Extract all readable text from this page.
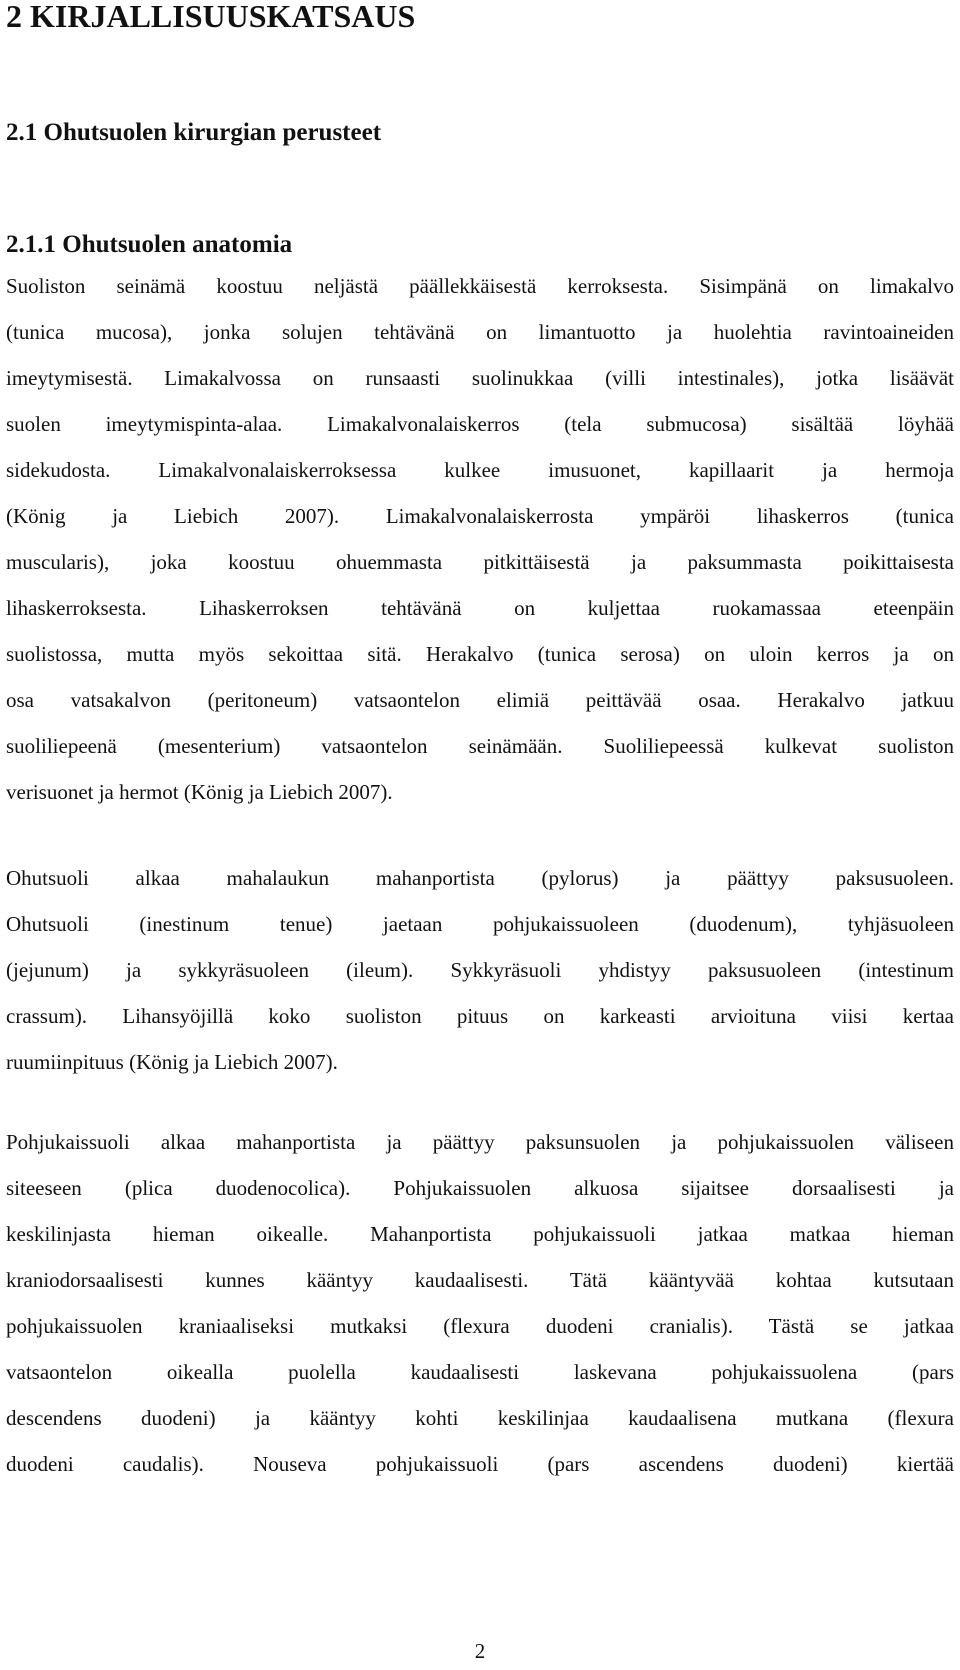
2 KIRJALLISUUSKATSAUS
2.1 Ohutsuolen kirurgian perusteet
2.1.1 Ohutsuolen anatomia

Suoliston seinämä koostuu neljästä päällekkäisestä kerroksesta. Sisimpänä on limakalvo
(tunica mucosa), jonka solujen tehtävänä on limantuotto ja huolehtia ravintoaineiden
imeytymisestä. Limakalvossa on runsaasti suolinukkaa (villi intestinales), jotka lisäävät
suolen imeytymispinta-alaa. Limakalvonalaiskerros (tela submucosa) sisältää löyhää
sidekudosta. Limakalvonalaiskerroksessa kulkee imusuonet, kapillaarit ja hermoja
(König ja Liebich 2007). Limakalvonalaiskerrosta ympäröi lihaskerros (tunica
muscularis), joka koostuu ohuemmasta pitkittäisestä ja paksummasta poikittaisesta
lihaskerroksesta. Lihaskerroksen tehtävänä on kuljettaa ruokamassaa eteenpäin
suolistossa, mutta myös sekoittaa sitä. Herakalvo (tunica serosa) on uloin kerros ja on
osa vatsakalvon (peritoneum) vatsaontelon elimiä peittävää osaa. Herakalvo jatkuu
suoliliepeenä (mesenterium) vatsaontelon seinämään. Suoliliepeessä kulkevat suoliston
verisuonet ja hermot (König ja Liebich 2007).

Ohutsuoli alkaa mahalaukun mahanportista (pylorus) ja päättyy paksusuoleen.
Ohutsuoli (inestinum tenue) jaetaan pohjukaissuoleen (duodenum), tyhjäsuoleen
(jejunum) ja sykkyräsuoleen (ileum). Sykkyräsuoli yhdistyy paksusuoleen (intestinum
crassum). Lihansyöjillä koko suoliston pituus on karkeasti arvioituna viisi kertaa
ruumiinpituus (König ja Liebich 2007).

Pohjukaissuoli alkaa mahanportista ja päättyy paksunsuolen ja pohjukaissuolen väliseen
siteeseen (plica duodenocolica). Pohjukaissuolen alkuosa sijaitsee dorsaalisesti ja
keskilinjasta hieman oikealle. Mahanportista pohjukaissuoli jatkaa matkaa hieman
kraniodorsaalisesti kunnes kääntyy kaudaalisesti. Tätä kääntyvää kohtaa kutsutaan
pohjukaissuolen kraniaaliseksi mutkaksi (flexura duodeni cranialis). Tästä se jatkaa
vatsaontelon oikealla puolella kaudaalisesti laskevana pohjukaissuolena (pars
descendens duodeni) ja kääntyy kohti keskilinjaa kaudaalisena mutkana (flexura
duodeni caudalis). Nouseva pohjukaissuoli (pars ascendens duodeni) kiertää

2
